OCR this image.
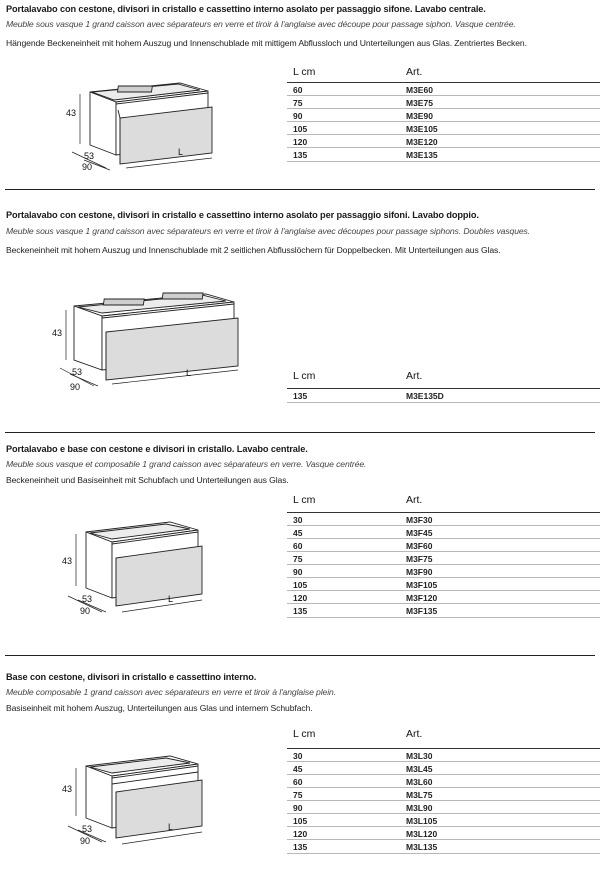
Portalavabo con cestone, divisori in cristallo e cassettino interno asolato per passaggio sifone. Lavabo centrale.
Meuble sous vasque 1 grand caisson avec séparateurs en verre et tiroir à l'anglaise avec découpe pour passage siphon. Vasque centrée.
Hängende Beckeneinheit mit hohem Auszug und Innenschublade mit mittigem Abflussloch und Unterteilungen aus Glas. Zentriertes Becken.
43
53
90
L
L cm	Art.
60	M3E60
75	M3E75
90	M3E90
105	M3E105
120	M3E120
135	M3E135
Portalavabo con cestone, divisori in cristallo e cassettino interno asolato per passaggio sifoni. Lavabo doppio.
Meuble sous vasque 1 grand caisson avec séparateurs en verre et tiroir à l'anglaise avec découpes pour passage siphons. Doubles vasques.
Beckeneinheit mit hohem Auszug und Innenschublade mit 2 seitlichen Abflusslöchern für Doppelbecken. Mit Unterteilungen aus Glas.
43
53
90
L	L cm	Art.
135	M3E135D
Portalavabo e base con cestone e divisori in cristallo. Lavabo centrale.
Meuble sous vasque et composable 1 grand caisson avec séparateurs en verre. Vasque centrée.
Beckeneinheit und Basiseinheit mit Schubfach und Unterteilungen aus Glas.
43
53
90
L
L cm	Art.
30	M3F30
45	M3F45
60	M3F60
75	M3F75
90	M3F90
105	M3F105
120	M3F120
135	M3F135
Base con cestone, divisori in cristallo e cassettino interno.
Meuble composable 1 grand caisson avec séparateurs en verre et tiroir à l'anglaise plein.
Basiseinheit mit hohem Auszug, Unterteilungen aus Glas und internem Schubfach.
43
53
90
L
L cm	Art.
30	M3L30
45	M3L45
60	M3L60
75	M3L75
90	M3L90
105	M3L105
120	M3L120
135	M3L135
